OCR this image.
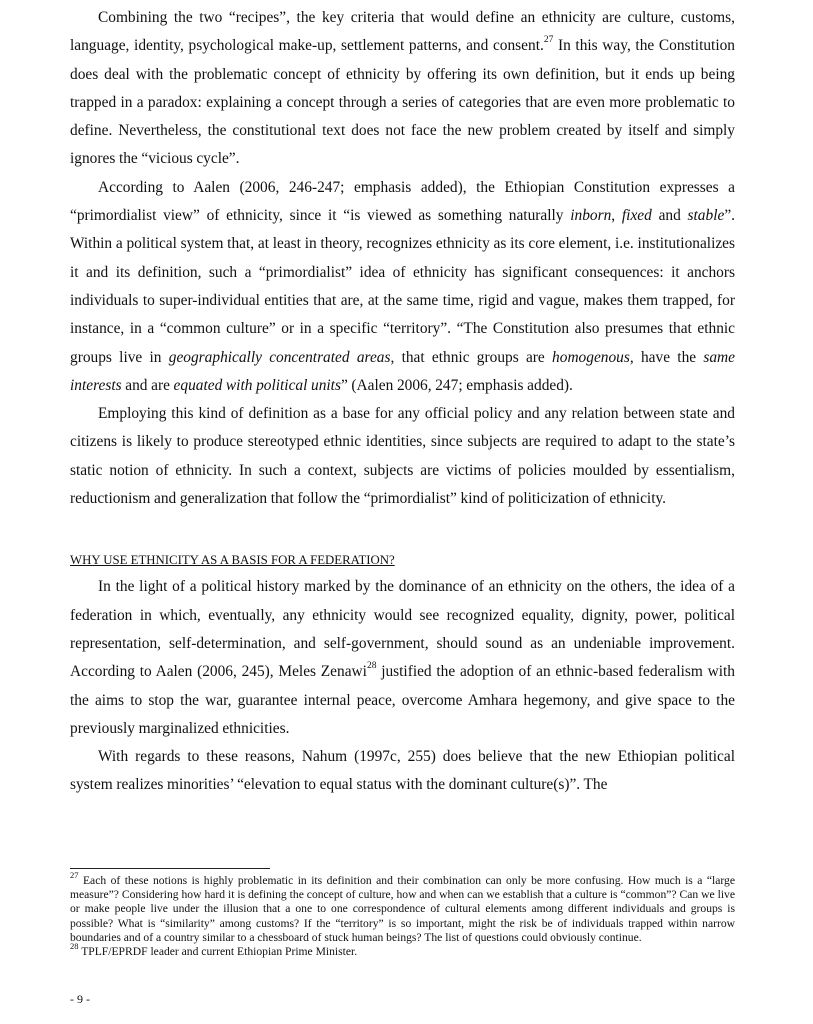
Combining the two “recipes”, the key criteria that would define an ethnicity are culture, customs, language, identity, psychological make-up, settlement patterns, and consent.$^{27}$ In this way, the Constitution does deal with the problematic concept of ethnicity by offering its own definition, but it ends up being trapped in a paradox: explaining a concept through a series of categories that are even more problematic to define. Nevertheless, the constitutional text does not face the new problem created by itself and simply ignores the “vicious cycle”.

According to Aalen (2006, 246-247; emphasis added), the Ethiopian Constitution expresses a “primordialist view” of ethnicity, since it “is viewed as something naturally inborn, fixed and stable”. Within a political system that, at least in theory, recognizes ethnicity as its core element, i.e. institutionalizes it and its definition, such a “primordialist” idea of ethnicity has significant consequences: it anchors individuals to super-individual entities that are, at the same time, rigid and vague, makes them trapped, for instance, in a “common culture” or in a specific “territory”. “The Constitution also presumes that ethnic groups live in geographically concentrated areas, that ethnic groups are homogenous, have the same interests and are equated with political units” (Aalen 2006, 247; emphasis added).

Employing this kind of definition as a base for any official policy and any relation between state and citizens is likely to produce stereotyped ethnic identities, since subjects are required to adapt to the state’s static notion of ethnicity. In such a context, subjects are victims of policies moulded by essentialism, reductionism and generalization that follow the “primordialist” kind of politicization of ethnicity.

WHY USE ETHNICITY AS A BASIS FOR A FEDERATION?

In the light of a political history marked by the dominance of an ethnicity on the others, the idea of a federation in which, eventually, any ethnicity would see recognized equality, dignity, power, political representation, self-determination, and self-government, should sound as an undeniable improvement. According to Aalen (2006, 245), Meles Zenawi$^{28}$ justified the adoption of an ethnic-based federalism with the aims to stop the war, guarantee internal peace, overcome Amhara hegemony, and give space to the previously marginalized ethnicities.

With regards to these reasons, Nahum (1997c, 255) does believe that the new Ethiopian political system realizes minorities’ “elevation to equal status with the dominant culture(s)”. The

$^{27}$ Each of these notions is highly problematic in its definition and their combination can only be more confusing. How much is a “large measure”? Considering how hard it is defining the concept of culture, how and when can we establish that a culture is “common”? Can we live or make people live under the illusion that a one to one correspondence of cultural elements among different individuals and groups is possible? What is “similarity” among customs? If the “territory” is so important, might the risk be of individuals trapped within narrow boundaries and of a country similar to a chessboard of stuck human beings? The list of questions could obviously continue.

$^{28}$ TPLF/EPRDF leader and current Ethiopian Prime Minister.

- 9 -
